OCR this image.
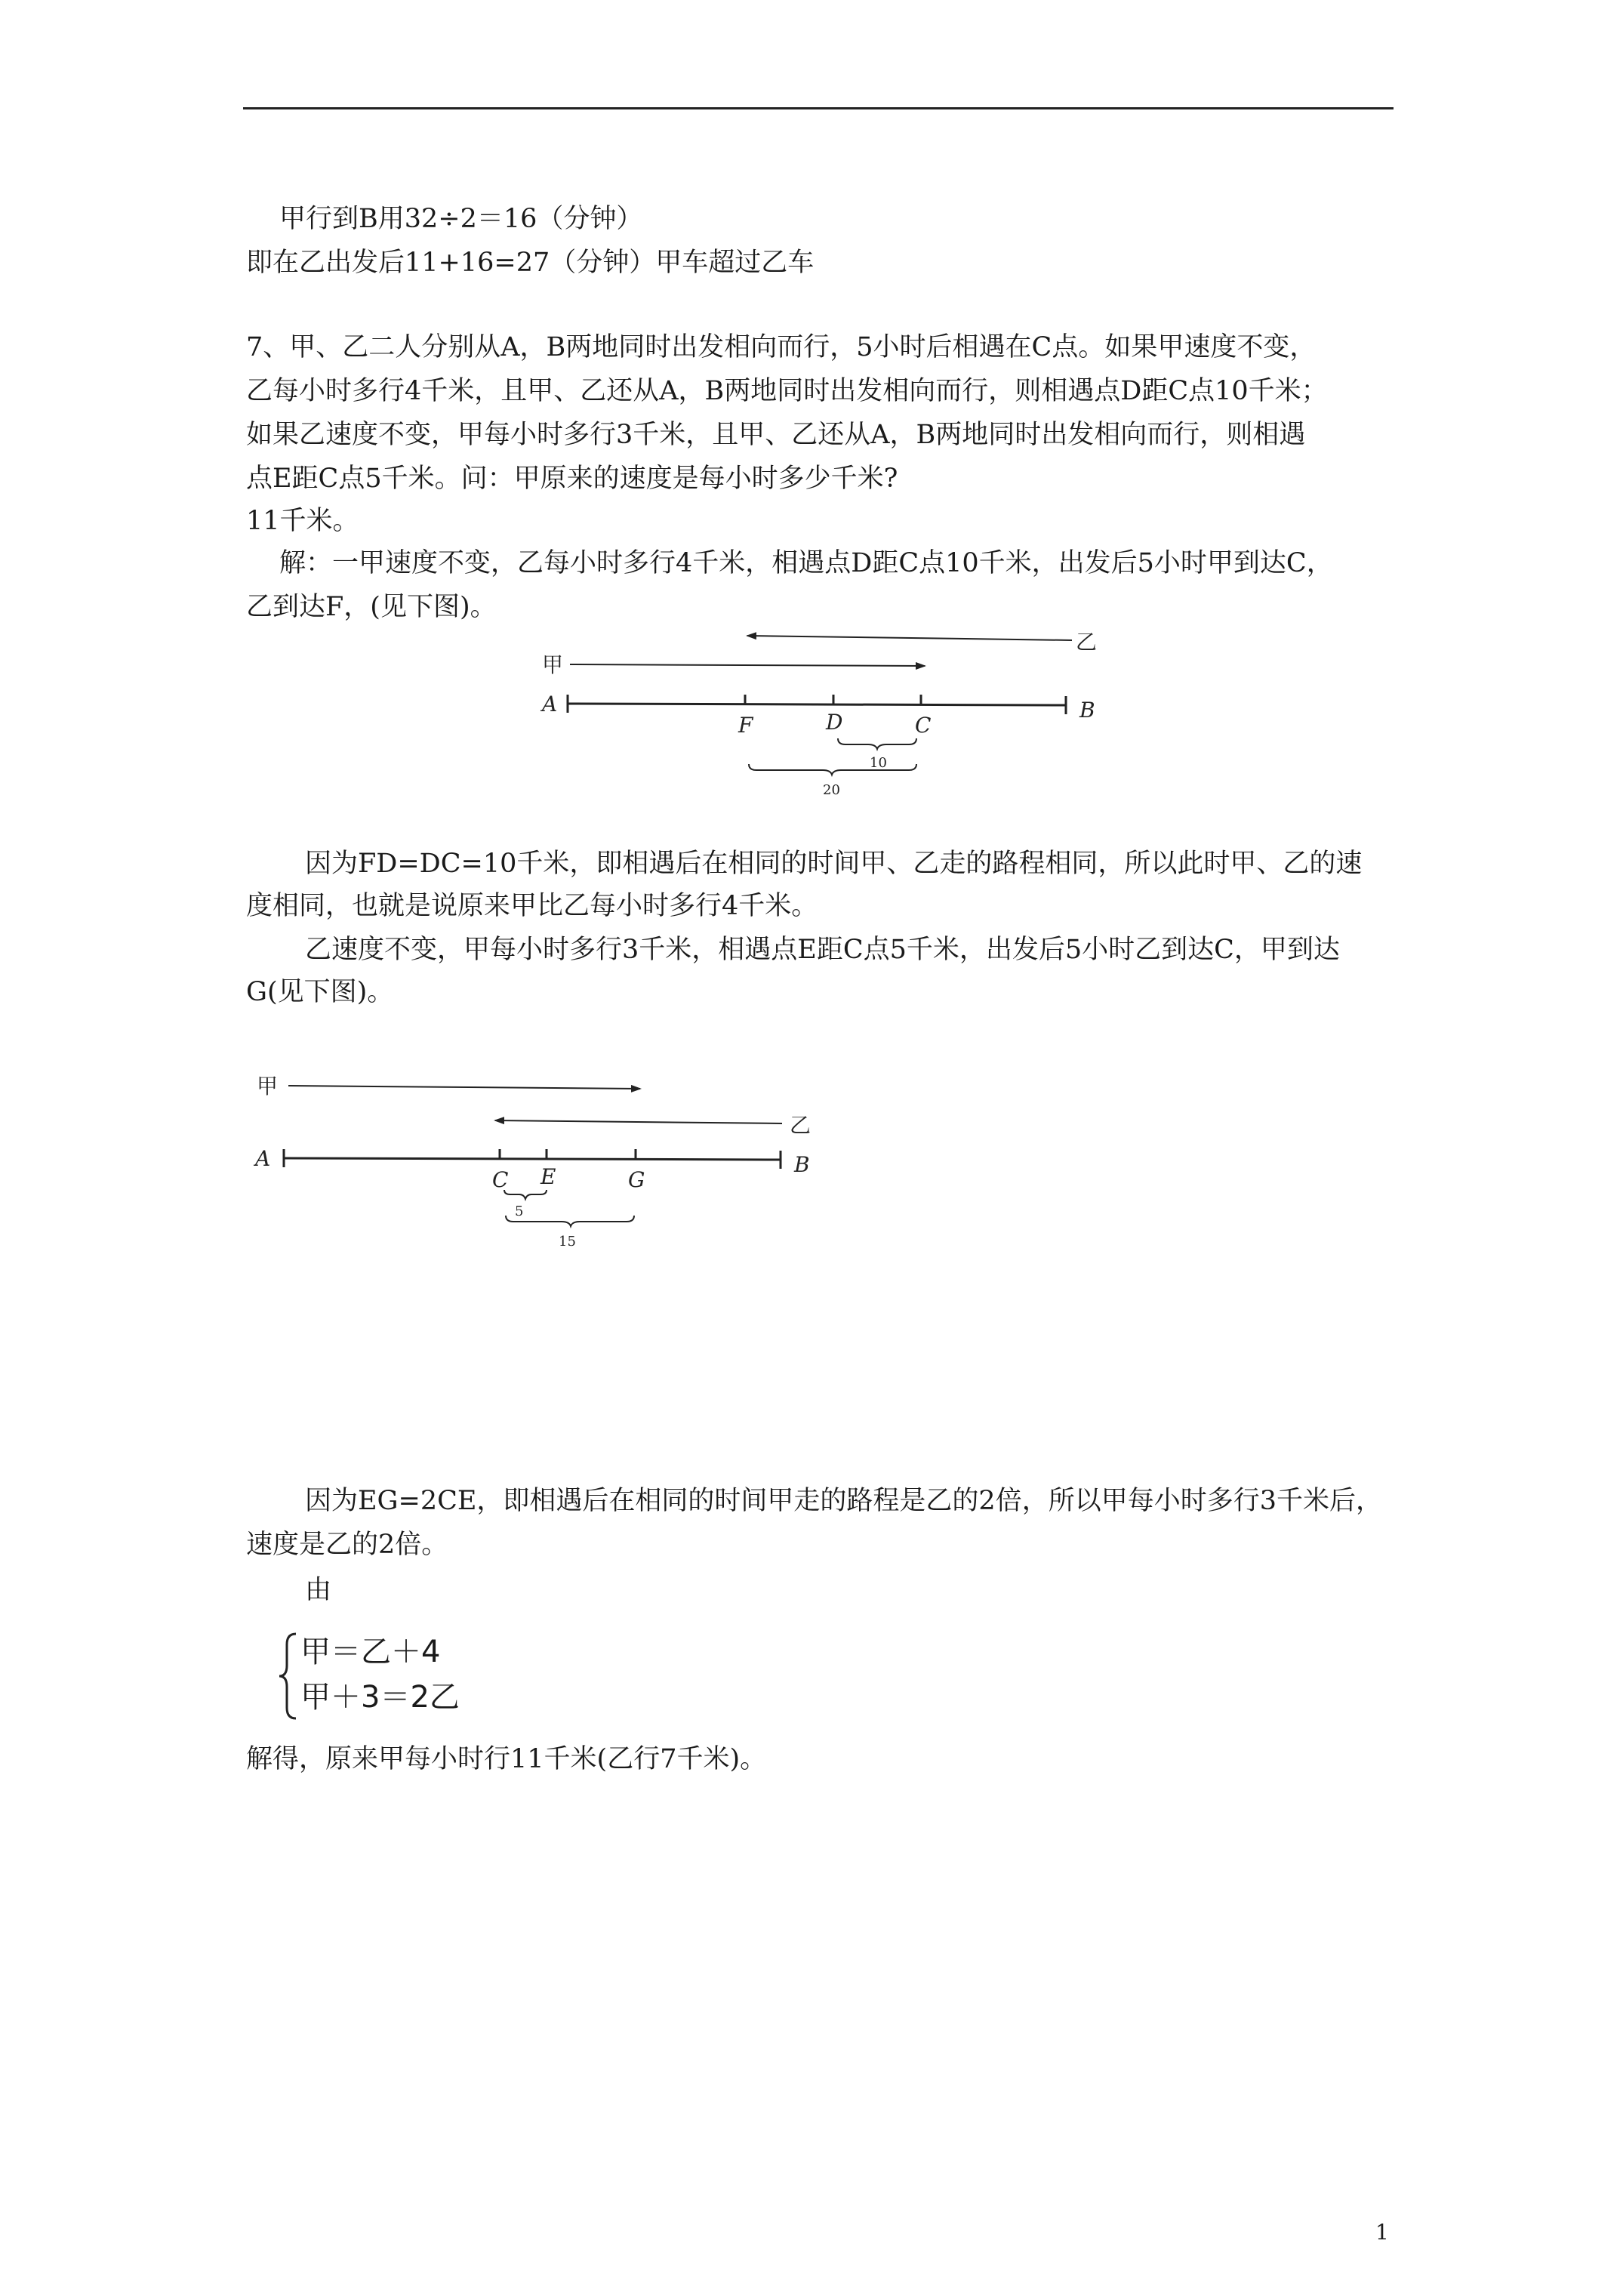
甲行到B用32÷2＝16（分钟）
即在乙出发后11+16=27（分钟）甲车超过乙车
7、甲、乙二人分别从A，B两地同时出发相向而行，5小时后相遇在C点。如果甲速度不变，
乙每小时多行4千米，且甲、乙还从A，B两地同时出发相向而行，则相遇点D距C点10千米；
如果乙速度不变，甲每小时多行3千米，且甲、乙还从A，B两地同时出发相向而行，则相遇
点E距C点5千米。问：甲原来的速度是每小时多少千米?
11千米。
解：一甲速度不变，乙每小时多行4千米，相遇点D距C点10千米，出发后5小时甲到达C，
乙到达F，(见下图)。
乙
甲
A	B
F	D	C
10
20
因为FD=DC=10千米，即相遇后在相同的时间甲、乙走的路程相同，所以此时甲、乙的速
度相同，也就是说原来甲比乙每小时多行4千米。
乙速度不变，甲每小时多行3千米，相遇点E距C点5千米，出发后5小时乙到达C，甲到达
G(见下图)。
甲
乙
A	B
C E	G
5
15
因为EG=2CE，即相遇后在相同的时间甲走的路程是乙的2倍，所以甲每小时多行3千米后，
速度是乙的2倍。
由
甲＝乙＋4
甲＋3＝2乙
解得，原来甲每小时行11千米(乙行7千米)。
1
